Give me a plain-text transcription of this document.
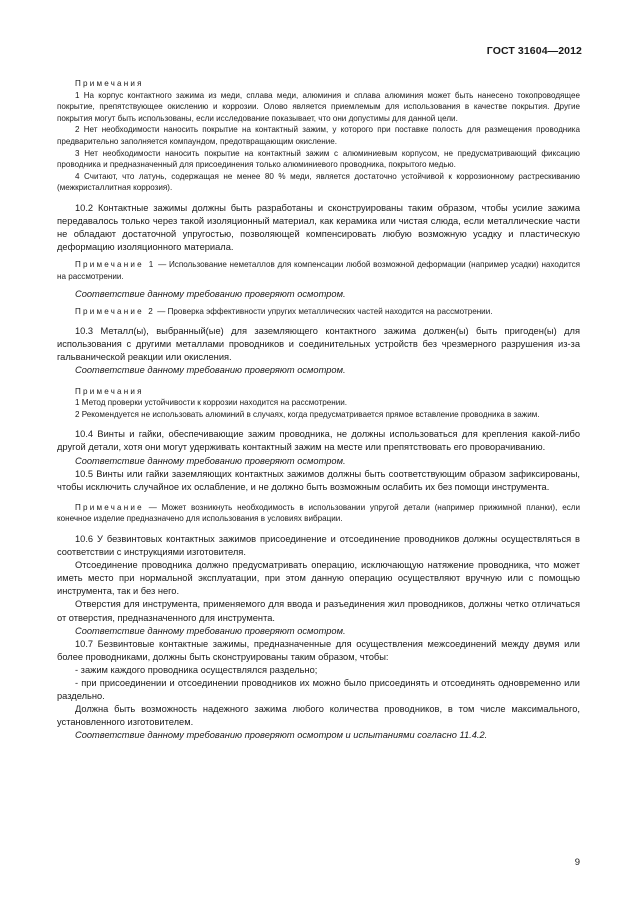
ГОСТ 31604—2012

Примечания

1 На корпус контактного зажима из меди, сплава меди, алюминия и сплава алюминия может быть нанесено токопроводящее покрытие, препятствующее окислению и коррозии. Олово является приемлемым для использования в качестве покрытия. Другие покрытия могут быть использованы, если исследование показывает, что они допустимы для данной цели.

2 Нет необходимости наносить покрытие на контактный зажим, у которого при поставке полость для размещения проводника предварительно заполняется компаундом, предотвращающим окисление.

3 Нет необходимости наносить покрытие на контактный зажим с алюминиевым корпусом, не предусматривающий фиксацию проводника и предназначенный для присоединения только алюминиевого проводника, покрытого медью.

4 Считают, что латунь, содержащая не менее 80 % меди, является достаточно устойчивой к коррозионному растрескиванию (межкристаллитная коррозия).

10.2 Контактные зажимы должны быть разработаны и сконструированы таким образом, чтобы усилие зажима передавалось только через такой изоляционный материал, как керамика или чистая слюда, если металлические части не обладают достаточной упругостью, позволяющей компенсировать любую возможную усадку и пластическую деформацию изоляционного материала.

Примечание 1 — Использование неметаллов для компенсации любой возможной деформации (например усадки) находится на рассмотрении.

Соответствие данному требованию проверяют осмотром.

Примечание 2 — Проверка эффективности упругих металлических частей находится на рассмотрении.

10.3 Металл(ы), выбранный(ые) для заземляющего контактного зажима должен(ы) быть пригоден(ы) для использования с другими металлами проводников и соединительных устройств без чрезмерного разрушения из-за гальванической реакции или окисления.

Соответствие данному требованию проверяют осмотром.

Примечания

1 Метод проверки устойчивости к коррозии находится на рассмотрении.

2 Рекомендуется не использовать алюминий в случаях, когда предусматривается прямое вставление проводника в зажим.

10.4 Винты и гайки, обеспечивающие зажим проводника, не должны использоваться для крепления какой-либо другой детали, хотя они могут удерживать контактный зажим на месте или препятствовать его проворачиванию.

Соответствие данному требованию проверяют осмотром.

10.5 Винты или гайки заземляющих контактных зажимов должны быть соответствующим образом зафиксированы, чтобы исключить случайное их ослабление, и не должно быть возможным ослабить их без помощи инструмента.

Примечание — Может возникнуть необходимость в использовании упругой детали (например прижимной планки), если конечное изделие предназначено для использования в условиях вибрации.

10.6 У безвинтовых контактных зажимов присоединение и отсоединение проводников должны осуществляться в соответствии с инструкциями изготовителя.

Отсоединение проводника должно предусматривать операцию, исключающую натяжение проводника, что может иметь место при нормальной эксплуатации, при этом данную операцию осуществляют вручную или с помощью инструмента, так и без него.

Отверстия для инструмента, применяемого для ввода и разъединения жил проводников, должны четко отличаться от отверстия, предназначенного для инструмента.

Соответствие данному требованию проверяют осмотром.

10.7 Безвинтовые контактные зажимы, предназначенные для осуществления межсоединений между двумя или более проводниками, должны быть сконструированы таким образом, чтобы:

- зажим каждого проводника осуществлялся раздельно;

- при присоединении и отсоединении проводников их можно было присоединять и отсоединять одновременно или раздельно.

Должна быть возможность надежного зажима любого количества проводников, в том числе максимального, установленного изготовителем.

Соответствие данному требованию проверяют осмотром и испытаниями согласно 11.4.2.

9
